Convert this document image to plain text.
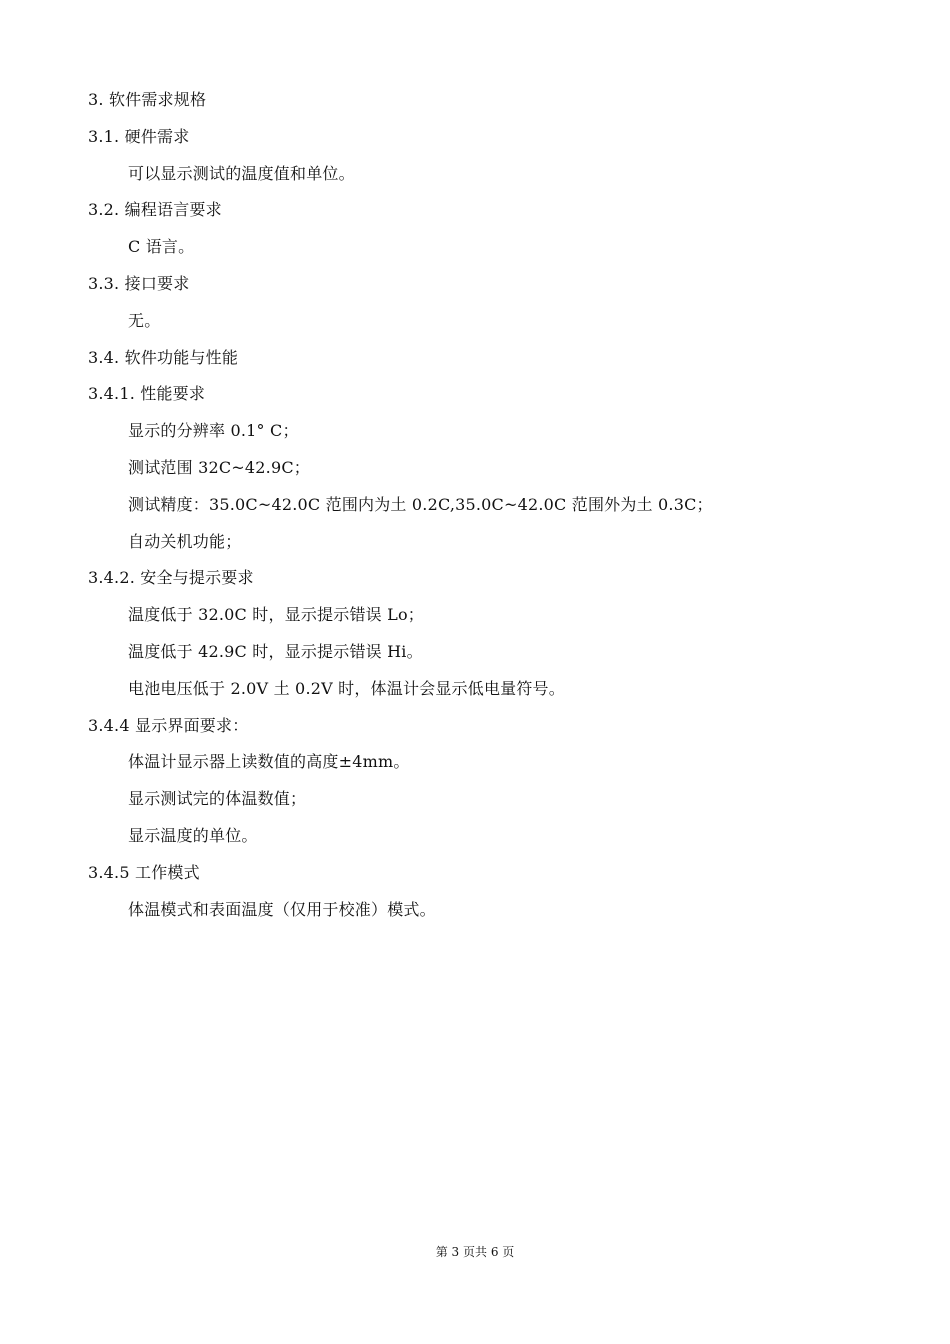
3. 软件需求规格
3.1. 硬件需求
可以显示测试的温度值和单位。
3.2. 编程语言要求
C 语言。
3.3. 接口要求
无。
3.4. 软件功能与性能
3.4.1. 性能要求
显示的分辨率 0.1° C；
测试范围 32C~42.9C；
测试精度：35.0C~42.0C 范围内为土 0.2C,35.0C~42.0C 范围外为土 0.3C；
自动关机功能；
3.4.2. 安全与提示要求
温度低于 32.0C 时，显示提示错误 Lo；
温度低于 42.9C 时，显示提示错误 Hi。
电池电压低于 2.0V 土 0.2V 时，体温计会显示低电量符号。
3.4.4 显示界面要求：
体温计显示器上读数值的高度±4mm。
显示测试完的体温数值；
显示温度的单位。
3.4.5 工作模式
体温模式和表面温度（仅用于校准）模式。
第 3 页共 6 页
